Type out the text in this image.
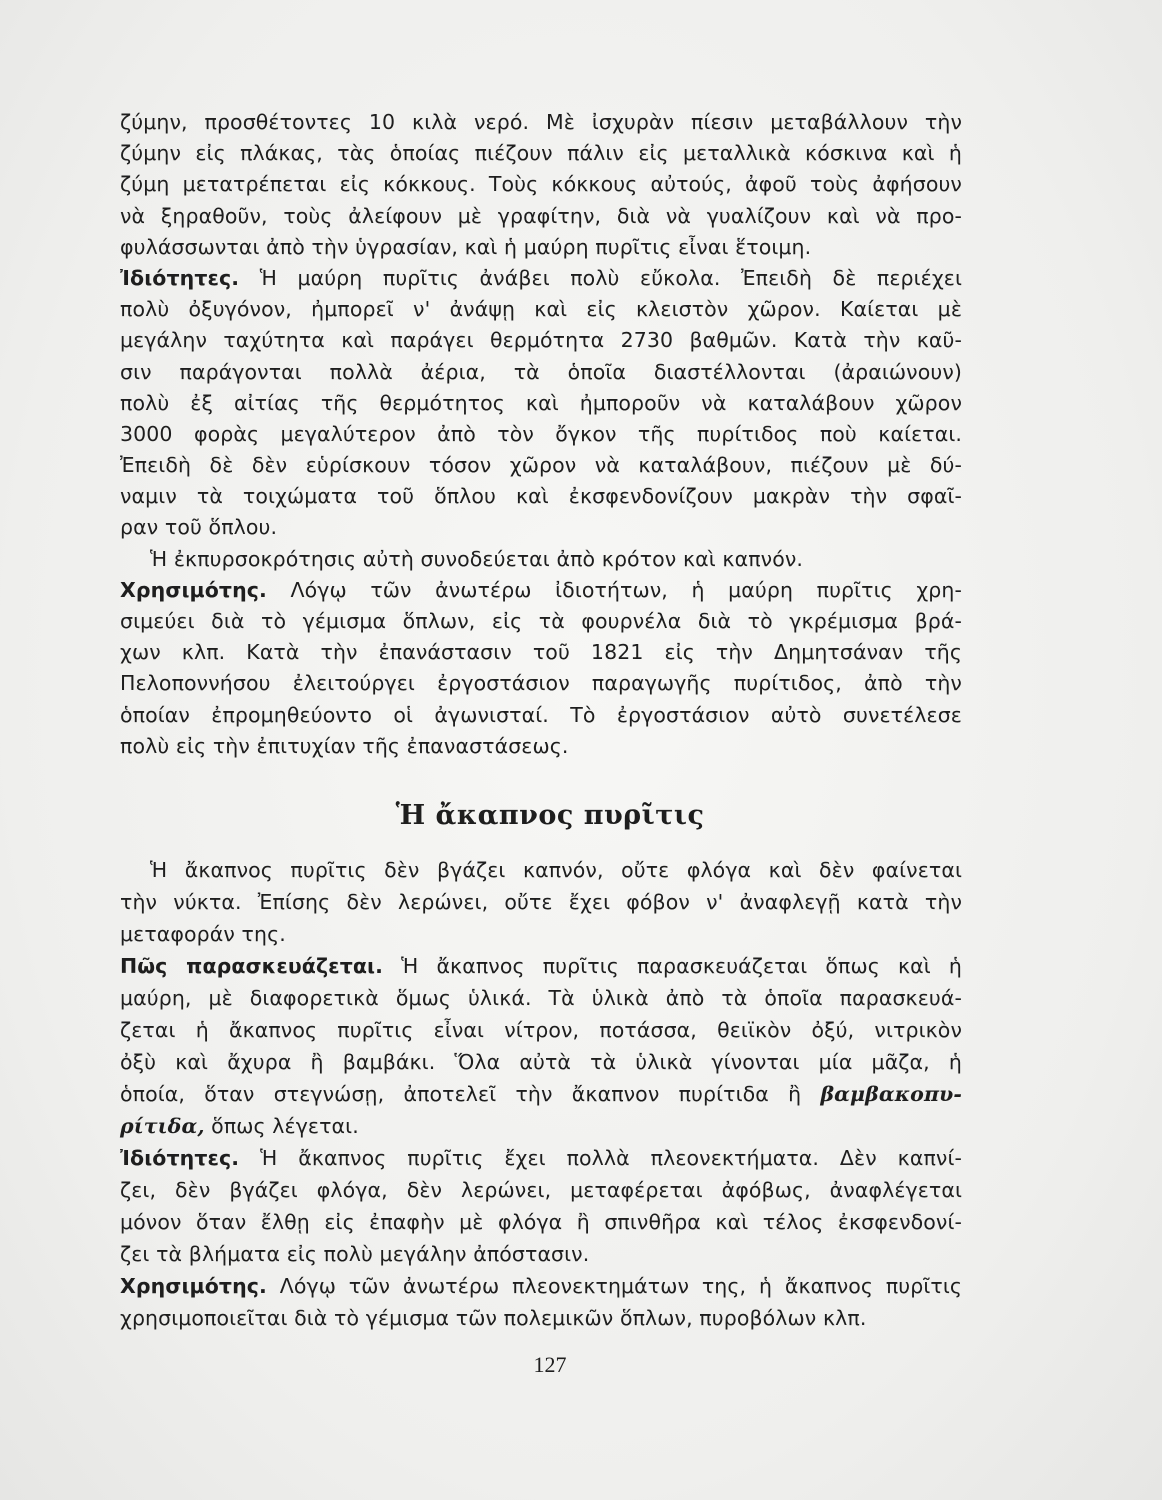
ζύμην, προσθέτοντες 10 κιλὰ νερό. Μὲ ἰσχυρὰν πίεσιν μεταβάλλουν τὴν
ζύμην εἰς πλάκας, τὰς ὁποίας πιέζουν πάλιν εἰς μεταλλικὰ κόσκινα καὶ ἡ
ζύμη μετατρέπεται εἰς κόκκους. Τοὺς κόκκους αὐτούς, ἀφοῦ τοὺς ἀφήσουν
νὰ ξηραθοῦν, τοὺς ἀλείφουν μὲ γραφίτην, διὰ νὰ γυαλίζουν καὶ νὰ προ-
φυλάσσωνται ἀπὸ τὴν ὑγρασίαν, καὶ ἡ μαύρη πυρῖτις εἶναι ἕτοιμη.
Ἰδιότητες. Ἡ μαύρη πυρῖτις ἀνάβει πολὺ εὔκολα. Ἐπειδὴ δὲ περιέχει
πολὺ ὀξυγόνον, ἠμπορεῖ ν' ἀνάψῃ καὶ εἰς κλειστὸν χῶρον. Καίεται μὲ
μεγάλην ταχύτητα καὶ παράγει θερμότητα 2730 βαθμῶν. Κατὰ τὴν καῦ-
σιν παράγονται πολλὰ ἀέρια, τὰ ὁποῖα διαστέλλονται (ἀραιώνουν)
πολὺ ἐξ αἰτίας τῆς θερμότητος καὶ ἠμποροῦν νὰ καταλάβουν χῶρον
3000 φορὰς μεγαλύτερον ἀπὸ τὸν ὄγκον τῆς πυρίτιδος ποὺ καίεται.
Ἐπειδὴ δὲ δὲν εὑρίσκουν τόσον χῶρον νὰ καταλάβουν, πιέζουν μὲ δύ-
ναμιν τὰ τοιχώματα τοῦ ὅπλου καὶ ἐκσφενδονίζουν μακρὰν τὴν σφαῖ-
ραν τοῦ ὅπλου.
Ἡ ἐκπυρσοκρότησις αὐτὴ συνοδεύεται ἀπὸ κρότον καὶ καπνόν.
Χρησιμότης. Λόγῳ τῶν ἀνωτέρω ἰδιοτήτων, ἡ μαύρη πυρῖτις χρη-
σιμεύει διὰ τὸ γέμισμα ὅπλων, εἰς τὰ φουρνέλα διὰ τὸ γκρέμισμα βρά-
χων κλπ. Κατὰ τὴν ἐπανάστασιν τοῦ 1821 εἰς τὴν Δημητσάναν τῆς
Πελοποννήσου ἐλειτούργει ἐργοστάσιον παραγωγῆς πυρίτιδος, ἀπὸ τὴν
ὁποίαν ἐπρομηθεύοντο οἱ ἀγωνισταί. Τὸ ἐργοστάσιον αὐτὸ συνετέλεσε
πολὺ εἰς τὴν ἐπιτυχίαν τῆς ἐπαναστάσεως.
Ἡ ἄκαπνος πυρῖτις
Ἡ ἄκαπνος πυρῖτις δὲν βγάζει καπνόν, οὔτε φλόγα καὶ δὲν φαίνεται
τὴν νύκτα. Ἐπίσης δὲν λερώνει, οὔτε ἔχει φόβον ν' ἀναφλεγῇ κατὰ τὴν
μεταφοράν της.
Πῶς παρασκευάζεται. Ἡ ἄκαπνος πυρῖτις παρασκευάζεται ὅπως καὶ ἡ
μαύρη, μὲ διαφορετικὰ ὅμως ὑλικά. Τὰ ὑλικὰ ἀπὸ τὰ ὁποῖα παρασκευά-
ζεται ἡ ἄκαπνος πυρῖτις εἶναι νίτρον, ποτάσσα, θειϊκὸν ὀξύ, νιτρικὸν
ὀξὺ καὶ ἄχυρα ἢ βαμβάκι. Ὅλα αὐτὰ τὰ ὑλικὰ γίνονται μία μᾶζα, ἡ
ὁποία, ὅταν στεγνώσῃ, ἀποτελεῖ τὴν ἄκαπνον πυρίτιδα ἢ βαμβακοπυ-
ρίτιδα, ὅπως λέγεται.
Ἰδιότητες. Ἡ ἄκαπνος πυρῖτις ἔχει πολλὰ πλεονεκτήματα. Δὲν καπνί-
ζει, δὲν βγάζει φλόγα, δὲν λερώνει, μεταφέρεται ἀφόβως, ἀναφλέγεται
μόνον ὅταν ἔλθῃ εἰς ἐπαφὴν μὲ φλόγα ἢ σπινθῆρα καὶ τέλος ἐκσφενδονί-
ζει τὰ βλήματα εἰς πολὺ μεγάλην ἀπόστασιν.
Χρησιμότης. Λόγῳ τῶν ἀνωτέρω πλεονεκτημάτων της, ἡ ἄκαπνος πυρῖτις
χρησιμοποιεῖται διὰ τὸ γέμισμα τῶν πολεμικῶν ὅπλων, πυροβόλων κλπ.
127
